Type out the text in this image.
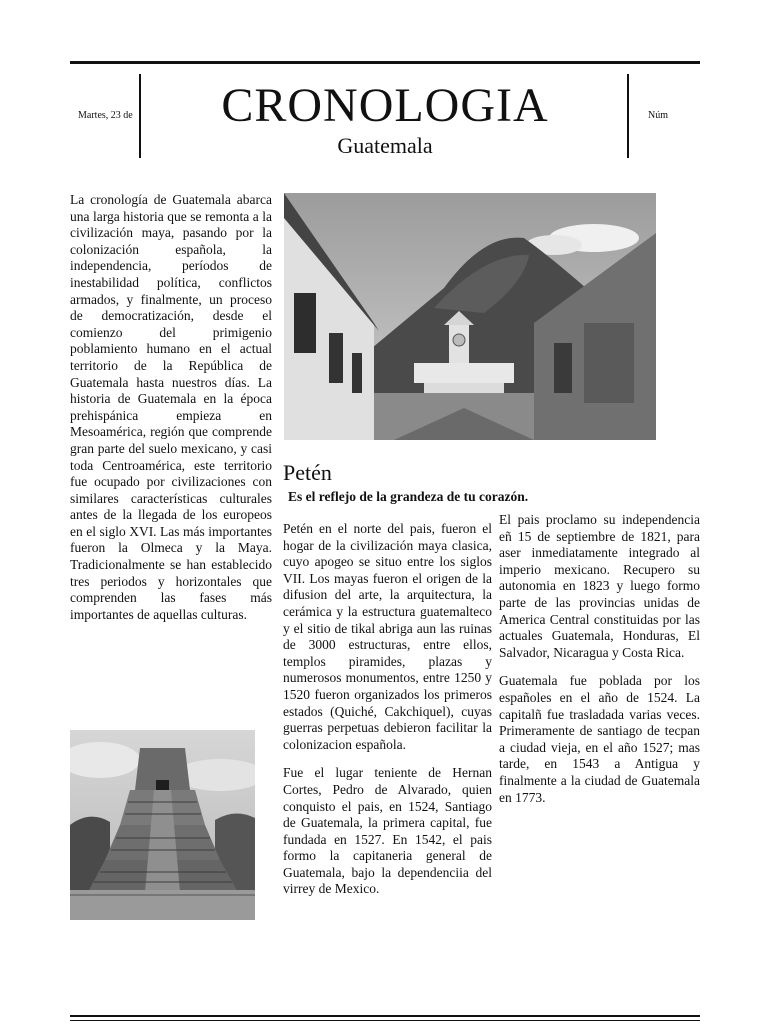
Martes, 23 de	CRONOLOGIA
Guatemala
Núm

La cronología de Guatemala abarca una larga historia que se remonta a la civilización maya, pasando por la colonización española, la independencia, períodos de inestabilidad política, conflictos armados, y finalmente, un proceso de democratización, desde el comienzo del primigenio poblamiento humano en el actual territorio de la República de Guatemala hasta nuestros días. La historia de Guatemala en la época prehispánica empieza en Mesoamérica, región que comprende gran parte del suelo mexicano, y casi toda Centroamérica, este territorio fue ocupado por civilizaciones con similares características culturales antes de la llegada de los europeos en el siglo XVI. Las más importantes fueron la Olmeca y la Maya. Tradicionalmente se han establecido tres periodos y horizontales que comprenden las fases más importantes de aquellas culturas.

Petén
Es el reflejo de la grandeza de tu corazón.

Petén en el norte del pais, fueron el hogar de la civilización maya clasica, cuyo apogeo se situo entre los siglos VII. Los mayas fueron el origen de la difusion del arte, la arquitectura, la cerámica y la estructura guatemalteco y el sitio de tikal abriga aun las ruinas de 3000 estructuras, entre ellos, templos piramides, plazas y numerosos monumentos, entre 1250 y 1520 fueron organizados los primeros estados (Quiché, Cakchiquel), cuyas guerras perpetuas debieron facilitar la colonizacion española.

Fue el lugar teniente de Hernan Cortes, Pedro de Alvarado, quien conquisto el pais, en 1524, Santiago de Guatemala, la primera capital, fue fundada en 1527. En 1542, el pais formo la capitaneria general de Guatemala, bajo la dependenciia del virrey de Mexico.

El pais proclamo su independencia eñ 15 de septiembre de 1821, para aser inmediatamente integrado al imperio mexicano. Recupero su autonomia en 1823 y luego formo parte de las provincias unidas de America Central constituidas por las actuales Guatemala, Honduras, El Salvador, Nicaragua y Costa Rica.

Guatemala fue poblada por los españoles en el año de 1524. La capitalñ fue trasladada varias veces. Primeramente de santiago de tecpan a ciudad vieja, en el año 1527; mas tarde, en 1543 a Antigua y finalmente a la ciudad de Guatemala en 1773.
